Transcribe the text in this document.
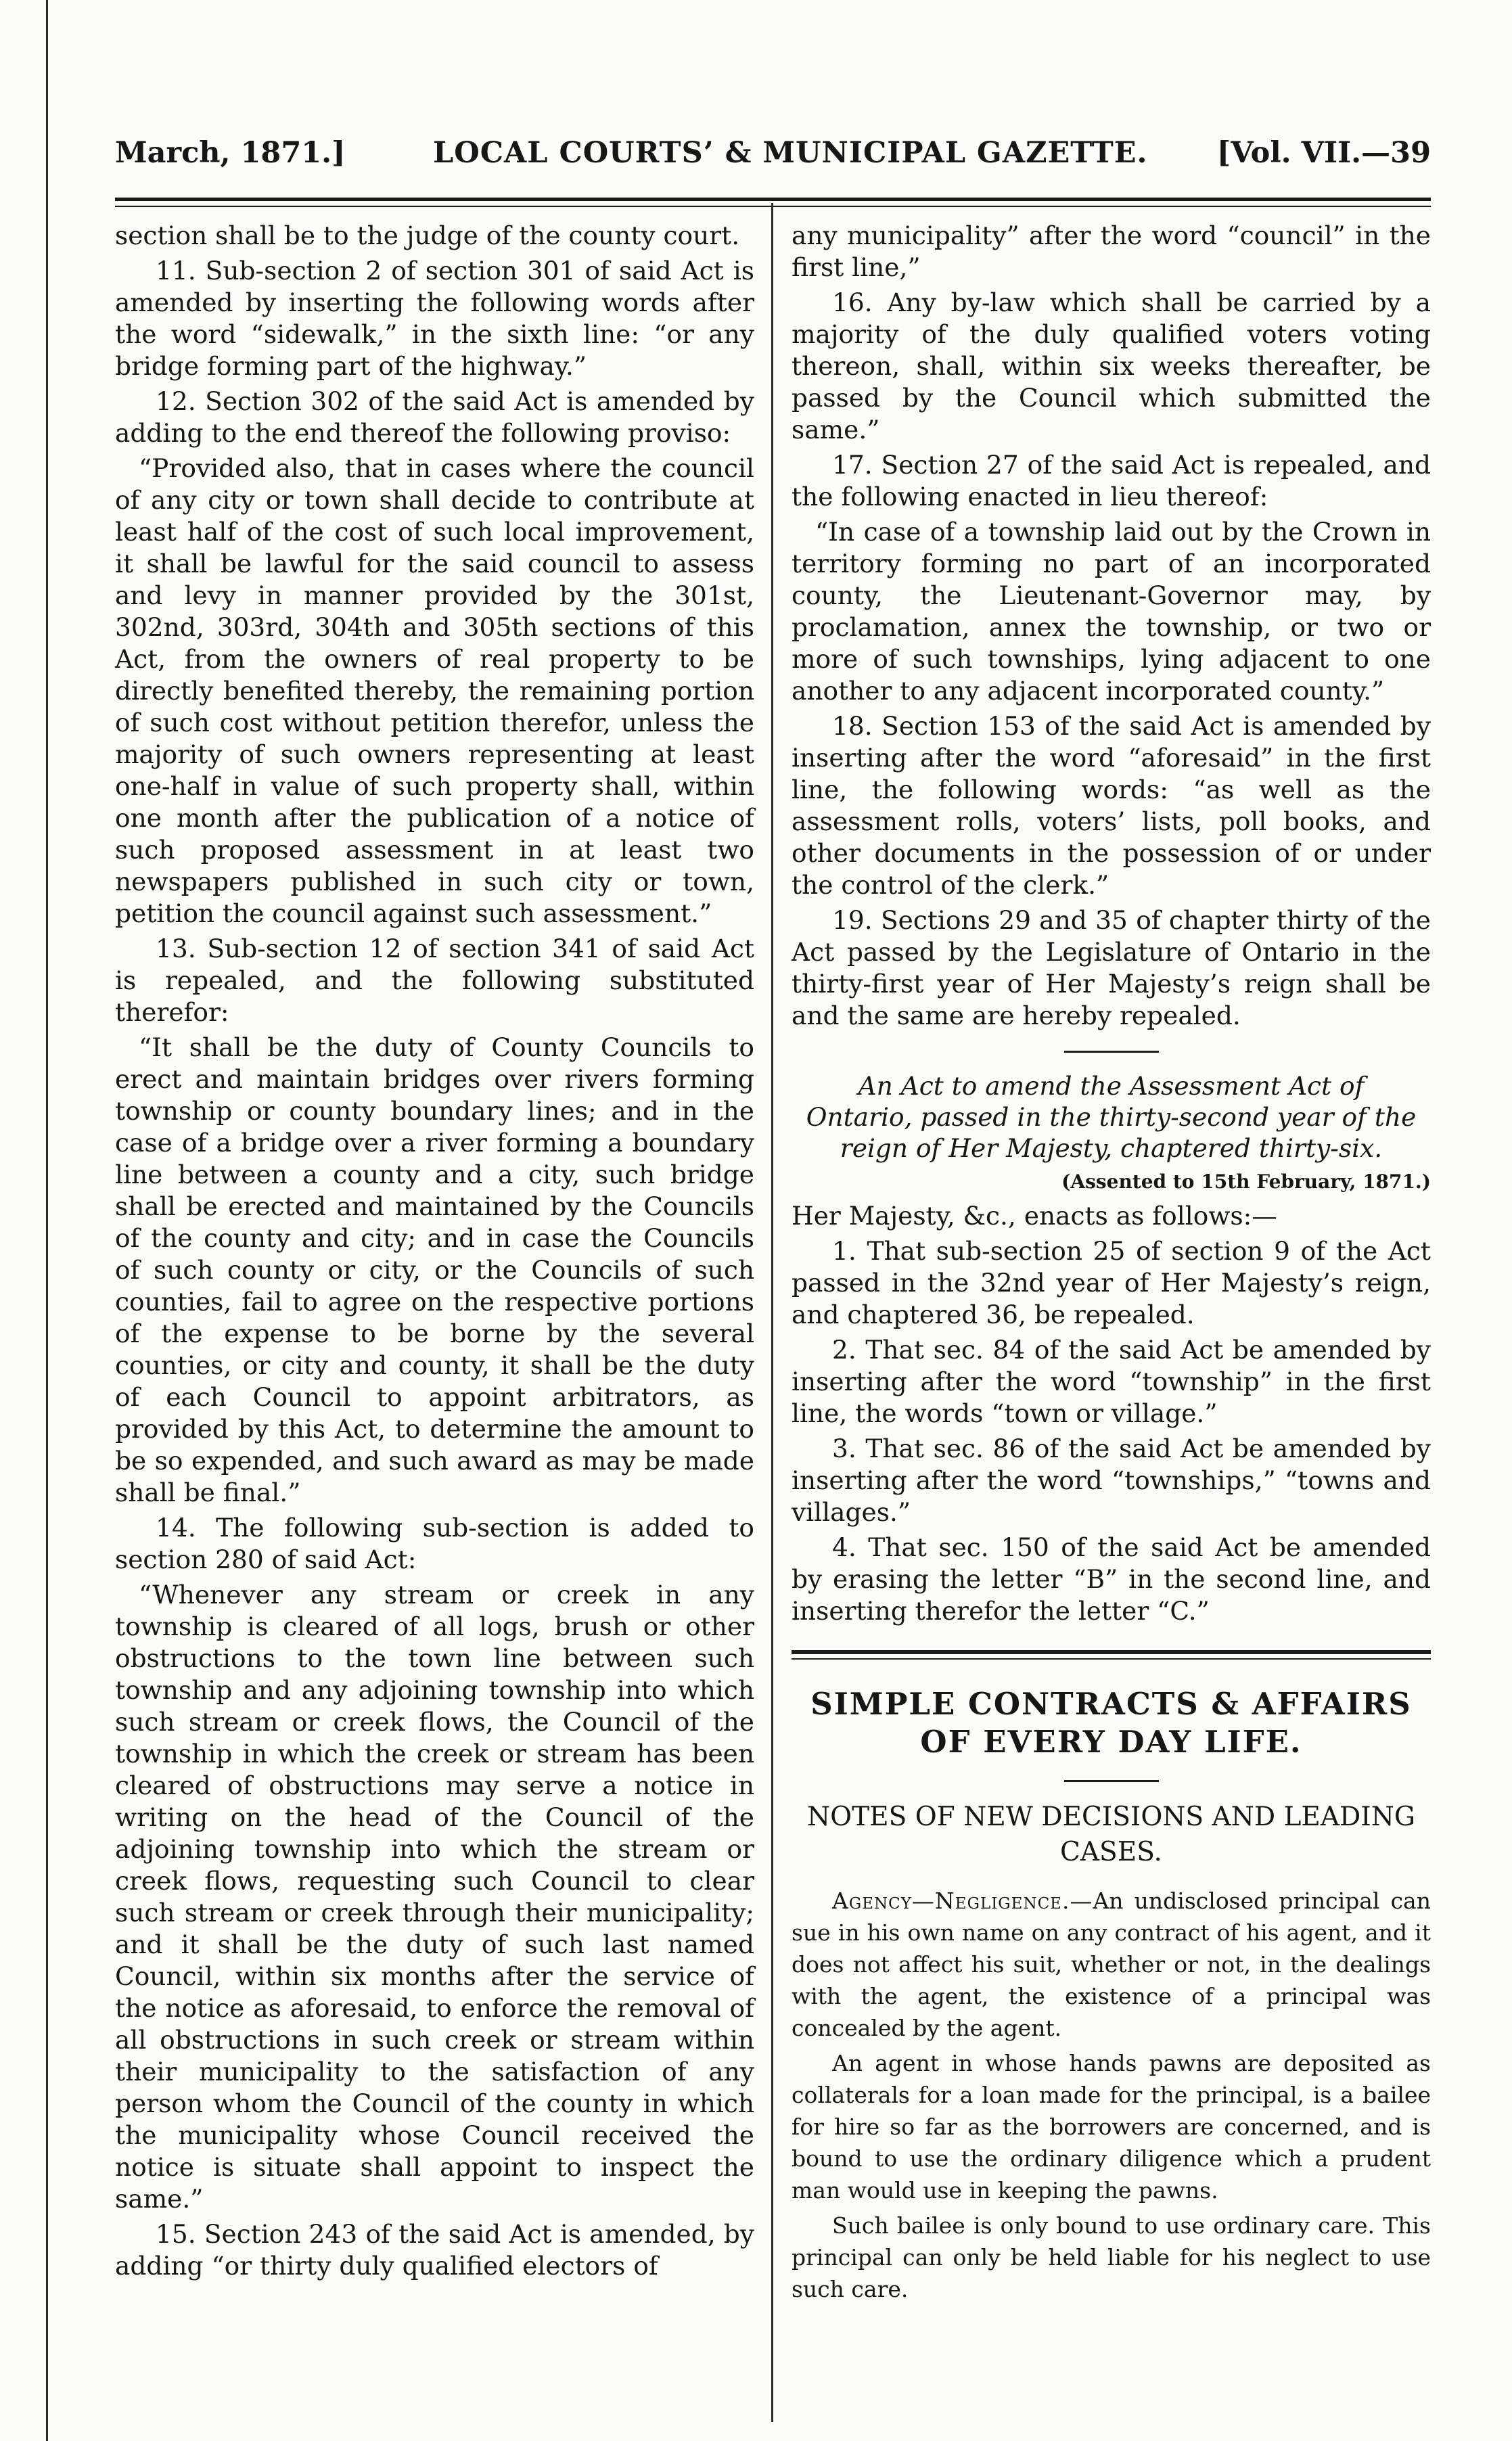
March, 1871.]	LOCAL COURTS’ & MUNICIPAL GAZETTE. [Vol. VII.—39

section shall be to the judge of the county court.

11. Sub-section 2 of section 301 of said Act is amended by inserting the following words after the word “sidewalk,” in the sixth line: “or any bridge forming part of the highway.”

12. Section 302 of the said Act is amended by adding to the end thereof the following proviso:

“Provided also, that in cases where the council of any city or town shall decide to contribute at least half of the cost of such local improvement, it shall be lawful for the said council to assess and levy in manner provided by the 301st, 302nd, 303rd, 304th and 305th sections of this Act, from the owners of real property to be directly benefited thereby, the remaining portion of such cost without petition therefor, unless the majority of such owners representing at least one-half in value of such property shall, within one month after the publication of a notice of such proposed assessment in at least two newspapers published in such city or town, petition the council against such assessment.”

13. Sub-section 12 of section 341 of said Act is repealed, and the following substituted therefor:

“It shall be the duty of County Councils to erect and maintain bridges over rivers forming township or county boundary lines; and in the case of a bridge over a river forming a boundary line between a county and a city, such bridge shall be erected and maintained by the Councils of the county and city; and in case the Councils of such county or city, or the Councils of such counties, fail to agree on the respective portions of the expense to be borne by the several counties, or city and county, it shall be the duty of each Council to appoint arbitrators, as provided by this Act, to determine the amount to be so expended, and such award as may be made shall be final.”

14. The following sub-section is added to section 280 of said Act:

“Whenever any stream or creek in any township is cleared of all logs, brush or other obstructions to the town line between such township and any adjoining township into which such stream or creek flows, the Council of the township in which the creek or stream has been cleared of obstructions may serve a notice in writing on the head of the Council of the adjoining township into which the stream or creek flows, requesting such Council to clear such stream or creek through their municipality; and it shall be the duty of such last named Council, within six months after the service of the notice as aforesaid, to enforce the removal of all obstructions in such creek or stream within their municipality to the satisfaction of any person whom the Council of the county in which the municipality whose Council received the notice is situate shall appoint to inspect the same.”

15. Section 243 of the said Act is amended, by adding “or thirty duly qualified electors of

any municipality” after the word “council” in the first line,”

16. Any by-law which shall be carried by a majority of the duly qualified voters voting thereon, shall, within six weeks thereafter, be passed by the Council which submitted the same.”

17. Section 27 of the said Act is repealed, and the following enacted in lieu thereof:

“In case of a township laid out by the Crown in territory forming no part of an incorporated county, the Lieutenant-Governor may, by proclamation, annex the township, or two or more of such townships, lying adjacent to one another to any adjacent incorporated county.”

18. Section 153 of the said Act is amended by inserting after the word “aforesaid” in the first line, the following words: “as well as the assessment rolls, voters’ lists, poll books, and other documents in the possession of or under the control of the clerk.”

19. Sections 29 and 35 of chapter thirty of the Act passed by the Legislature of Ontario in the thirty-first year of Her Majesty’s reign shall be and the same are hereby repealed.

An Act to amend the Assessment Act of Ontario, passed in the thirty-second year of the reign of Her Majesty, chaptered thirty-six.
(Assented to 15th February, 1871.)

Her Majesty, &c., enacts as follows:—

1. That sub-section 25 of section 9 of the Act passed in the 32nd year of Her Majesty’s reign, and chaptered 36, be repealed.

2. That sec. 84 of the said Act be amended by inserting after the word “township” in the first line, the words “town or village.”

3. That sec. 86 of the said Act be amended by inserting after the word “townships,” “towns and villages.”

4. That sec. 150 of the said Act be amended by erasing the letter “B” in the second line, and inserting therefor the letter “C.”

SIMPLE CONTRACTS & AFFAIRS
OF EVERY DAY LIFE.
NOTES OF NEW DECISIONS AND LEADING CASES.

Agency—Negligence.—An undisclosed principal can sue in his own name on any contract of his agent, and it does not affect his suit, whether or not, in the dealings with the agent, the existence of a principal was concealed by the agent.

An agent in whose hands pawns are deposited as collaterals for a loan made for the principal, is a bailee for hire so far as the borrowers are concerned, and is bound to use the ordinary diligence which a prudent man would use in keeping the pawns.

Such bailee is only bound to use ordinary care. This principal can only be held liable for his neglect to use such care.
